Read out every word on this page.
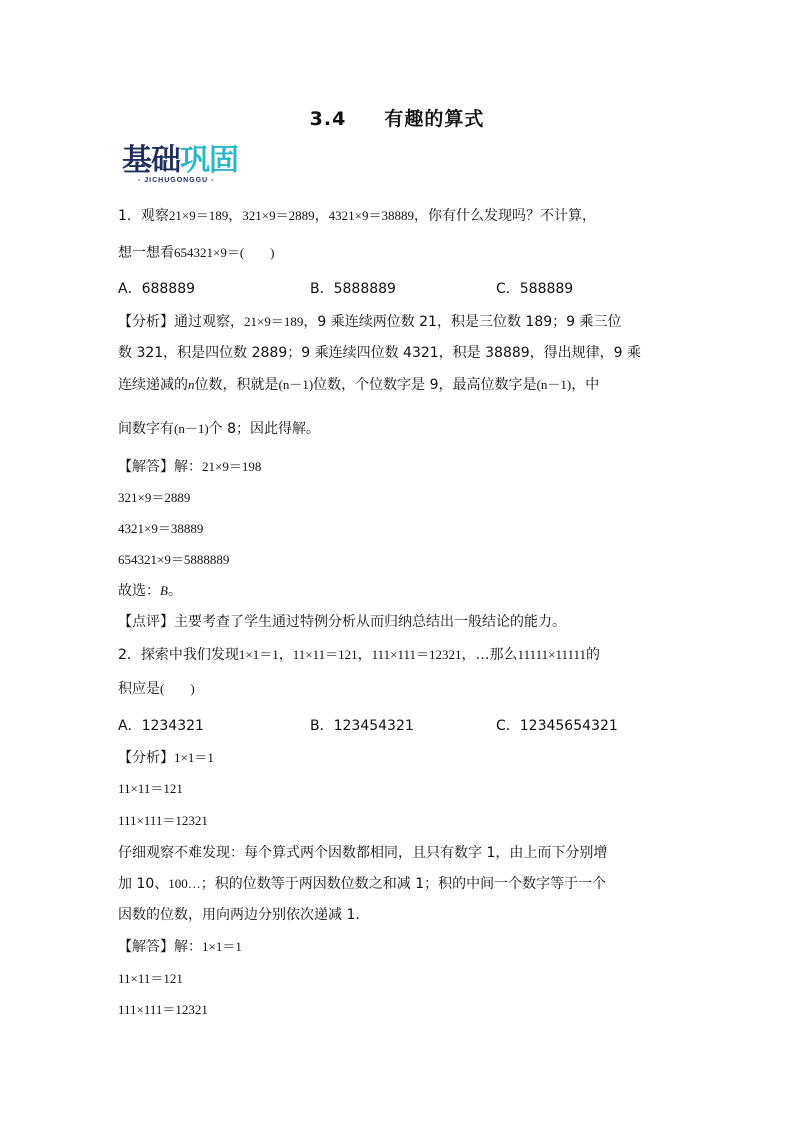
3.4 有趣的算式
基础巩固
- JICHUGONGGU -
1．观察21×9＝189，321×9＝2889，4321×9＝38889，你有什么发现吗？不计算，
想一想看654321×9＝(　　)
A．688889	B．5888889	C．588889
【分析】通过观察，21×9＝189，9 乘连续两位数 21，积是三位数 189；9 乘三位
数 321，积是四位数 2889；9 乘连续四位数 4321，积是 38889，得出规律，9 乘
连续递减的n位数，积就是(n－1)位数，个位数字是 9，最高位数字是(n－1)，中
间数字有(n－1)个 8；因此得解。
【解答】解：21×9＝198
321×9＝2889
4321×9＝38889
654321×9＝5888889
故选：B。
【点评】主要考查了学生通过特例分析从而归纳总结出一般结论的能力。
2．探索中我们发现1×1＝1，11×11＝121，111×111＝12321，…那么11111×11111的
积应是(　　)
A．1234321	B．123454321	C．12345654321
【分析】1×1＝1
11×11＝121
111×111＝12321
仔细观察不难发现：每个算式两个因数都相同，且只有数字 1，由上而下分别增
加 10、100…；积的位数等于两因数位数之和减 1；积的中间一个数字等于一个
因数的位数，用向两边分别依次递减 1．
【解答】解：1×1＝1
11×11＝121
111×111＝12321
